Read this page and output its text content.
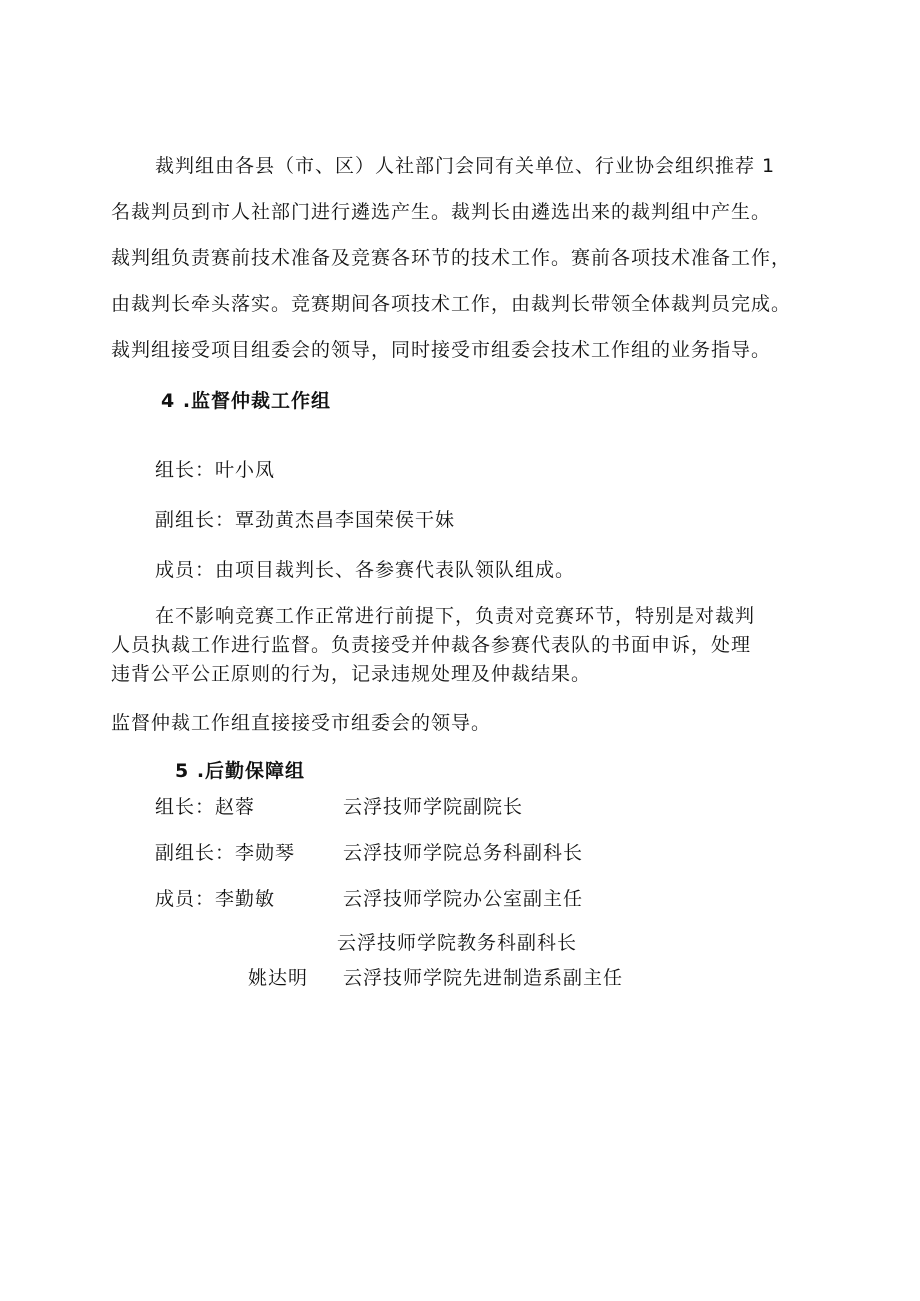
裁判组由各县（市、区）人社部门会同有关单位、行业协会组织推荐 1
名裁判员到市人社部门进行遴选产生。裁判长由遴选出来的裁判组中产生。
裁判组负责赛前技术准备及竞赛各环节的技术工作。赛前各项技术准备工作，
由裁判长牵头落实。竞赛期间各项技术工作，由裁判长带领全体裁判员完成。
裁判组接受项目组委会的领导，同时接受市组委会技术工作组的业务指导。
4 .监督仲裁工作组
组长：叶小凤
副组长：覃劲黄杰昌李国荣侯干妹
成员：由项目裁判长、各参赛代表队领队组成。
在不影响竞赛工作正常进行前提下，负责对竞赛环节，特别是对裁判
人员执裁工作进行监督。负责接受并仲裁各参赛代表队的书面申诉，处理
违背公平公正原则的行为，记录违规处理及仲裁结果。
监督仲裁工作组直接接受市组委会的领导。
5 .后勤保障组
组长：赵蓉	云浮技师学院副院长
副组长：李勋琴	云浮技师学院总务科副科长
成员：李勤敏	云浮技师学院办公室副主任
云浮技师学院教务科副科长
姚达明 云浮技师学院先进制造系副主任
